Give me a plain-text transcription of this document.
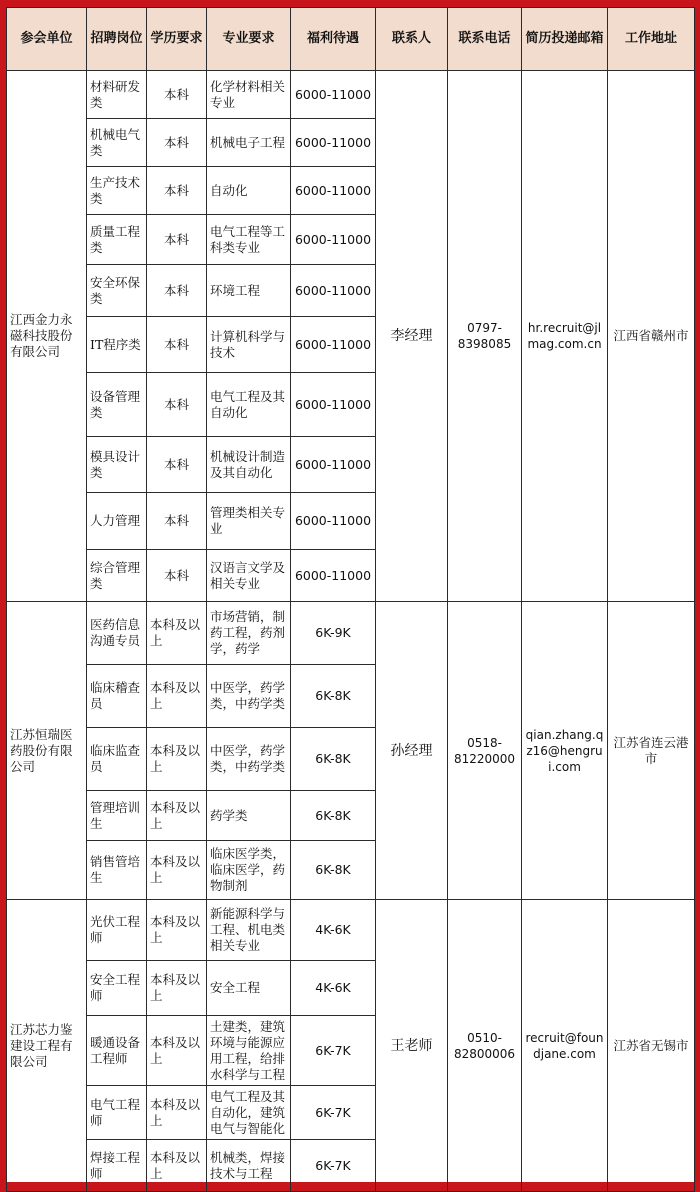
参会单位	招聘岗位	学历要求	专业要求	福利待遇	联系人	联系电话	简历投递邮箱	工作地址
江西金力永磁科技股份有限公司	材料研发类	本科	化学材料相关专业	6000-11000	李经理	0797-8398085	hr.recruit@jlmag.com.cn	江西省赣州市
	机械电气类	本科	机械电子工程	6000-11000				
	生产技术类	本科	自动化	6000-11000				
	质量工程类	本科	电气工程等工科类专业	6000-11000				
	安全环保类	本科	环境工程	6000-11000				
	IT程序类	本科	计算机科学与技术	6000-11000				
	设备管理类	本科	电气工程及其自动化	6000-11000				
	模具设计类	本科	机械设计制造及其自动化	6000-11000				
	人力管理	本科	管理类相关专业	6000-11000				
	综合管理类	本科	汉语言文学及相关专业	6000-11000				
江苏恒瑞医药股份有限公司	医药信息沟通专员	本科及以上	市场营销，制药工程，药剂学，药学	6K-9K	孙经理	0518-81220000	qian.zhang.qz16@hengrui.com	江苏省连云港市
	临床稽查员	本科及以上	中医学，药学类，中药学类	6K-8K				
	临床监查员	本科及以上	中医学，药学类，中药学类	6K-8K				
	管理培训生	本科及以上	药学类	6K-8K				
	销售管培生	本科及以上	临床医学类，临床医学，药物制剂	6K-8K				
江苏芯力鉴建设工程有限公司	光伏工程师	本科及以上	新能源科学与工程、机电类相关专业	4K-6K	王老师	0510-82800006	recruit@foundjane.com	江苏省无锡市
	安全工程师	本科及以上	安全工程	4K-6K				
	暖通设备工程师	本科及以上	土建类，建筑环境与能源应用工程，给排水科学与工程	6K-7K				
	电气工程师	本科及以上	电气工程及其自动化，建筑电气与智能化	6K-7K				
	焊接工程师	本科及以上	机械类，焊接技术与工程	6K-7K				
